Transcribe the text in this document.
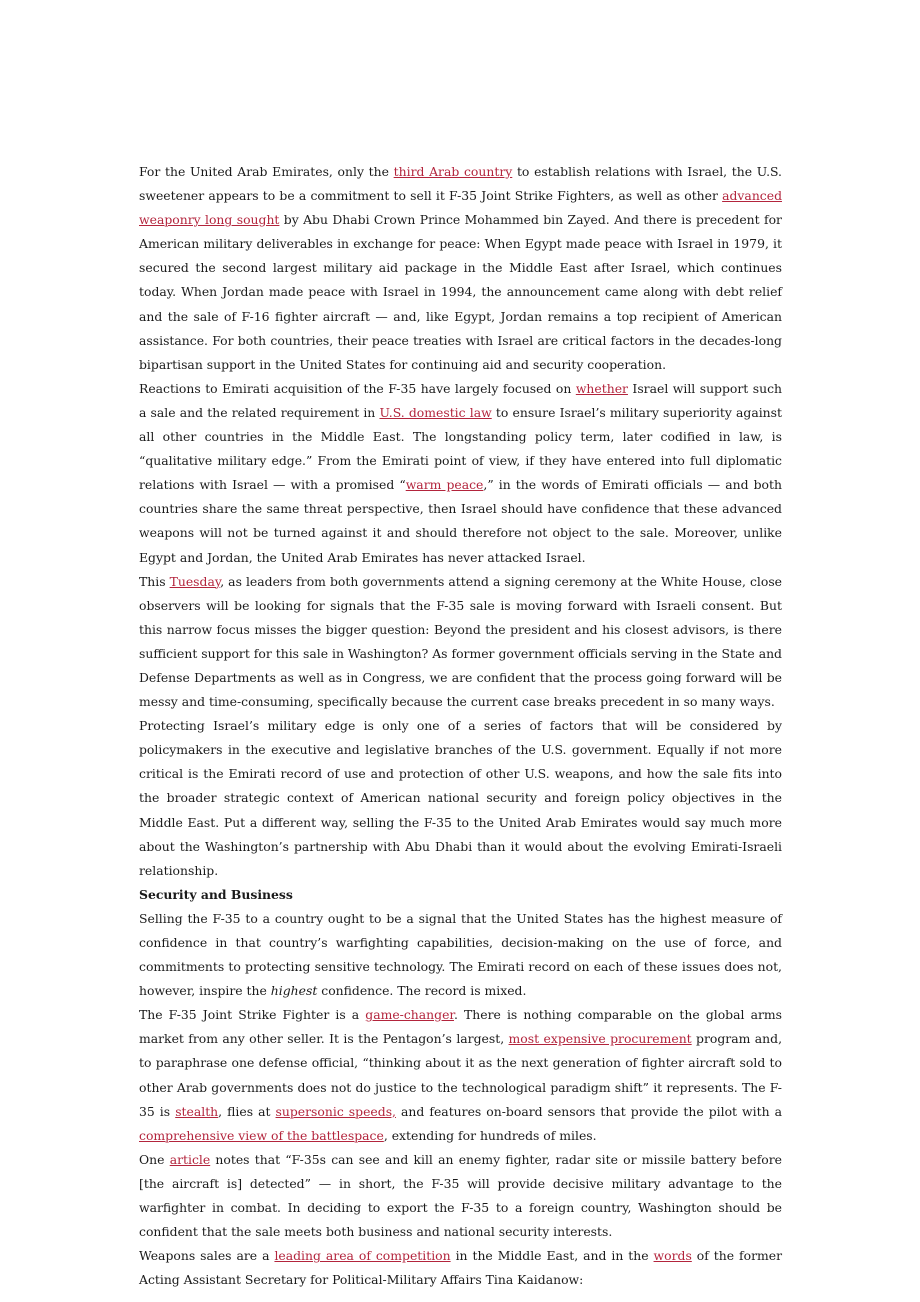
For the United Arab Emirates, only the third Arab country to establish relations with Israel, the U.S. sweetener appears to be a commitment to sell it F-35 Joint Strike Fighters, as well as other advanced weaponry long sought by Abu Dhabi Crown Prince Mohammed bin Zayed. And there is precedent for American military deliverables in exchange for peace: When Egypt made peace with Israel in 1979, it secured the second largest military aid package in the Middle East after Israel, which continues today. When Jordan made peace with Israel in 1994, the announcement came along with debt relief and the sale of F-16 fighter aircraft — and, like Egypt, Jordan remains a top recipient of American assistance. For both countries, their peace treaties with Israel are critical factors in the decades-long bipartisan support in the United States for continuing aid and security cooperation.

Reactions to Emirati acquisition of the F-35 have largely focused on whether Israel will support such a sale and the related requirement in U.S. domestic law to ensure Israel’s military superiority against all other countries in the Middle East. The longstanding policy term, later codified in law, is “qualitative military edge.” From the Emirati point of view, if they have entered into full diplomatic relations with Israel — with a promised “warm peace,” in the words of Emirati officials — and both countries share the same threat perspective, then Israel should have confidence that these advanced weapons will not be turned against it and should therefore not object to the sale. Moreover, unlike Egypt and Jordan, the United Arab Emirates has never attacked Israel.

This Tuesday, as leaders from both governments attend a signing ceremony at the White House, close observers will be looking for signals that the F-35 sale is moving forward with Israeli consent. But this narrow focus misses the bigger question: Beyond the president and his closest advisors, is there sufficient support for this sale in Washington? As former government officials serving in the State and Defense Departments as well as in Congress, we are confident that the process going forward will be messy and time-consuming, specifically because the current case breaks precedent in so many ways.

Protecting Israel’s military edge is only one of a series of factors that will be considered by policymakers in the executive and legislative branches of the U.S. government. Equally if not more critical is the Emirati record of use and protection of other U.S. weapons, and how the sale fits into the broader strategic context of American national security and foreign policy objectives in the Middle East. Put a different way, selling the F-35 to the United Arab Emirates would say much more about the Washington’s partnership with Abu Dhabi than it would about the evolving Emirati-Israeli relationship.

Security and Business

Selling the F-35 to a country ought to be a signal that the United States has the highest measure of confidence in that country’s warfighting capabilities, decision-making on the use of force, and commitments to protecting sensitive technology. The Emirati record on each of these issues does not, however, inspire the highest confidence. The record is mixed.

The F-35 Joint Strike Fighter is a game-changer. There is nothing comparable on the global arms market from any other seller. It is the Pentagon’s largest, most expensive procurement program and, to paraphrase one defense official, “thinking about it as the next generation of fighter aircraft sold to other Arab governments does not do justice to the technological paradigm shift” it represents. The F-35 is stealth, flies at supersonic speeds, and features on-board sensors that provide the pilot with a comprehensive view of the battlespace, extending for hundreds of miles.

One article notes that “F-35s can see and kill an enemy fighter, radar site or missile battery before [the aircraft is] detected” — in short, the F-35 will provide decisive military advantage to the warfighter in combat. In deciding to export the F-35 to a foreign country, Washington should be confident that the sale meets both business and national security interests.

Weapons sales are a leading area of competition in the Middle East, and in the words of the former Acting Assistant Secretary for Political-Military Affairs Tina Kaidanow:
